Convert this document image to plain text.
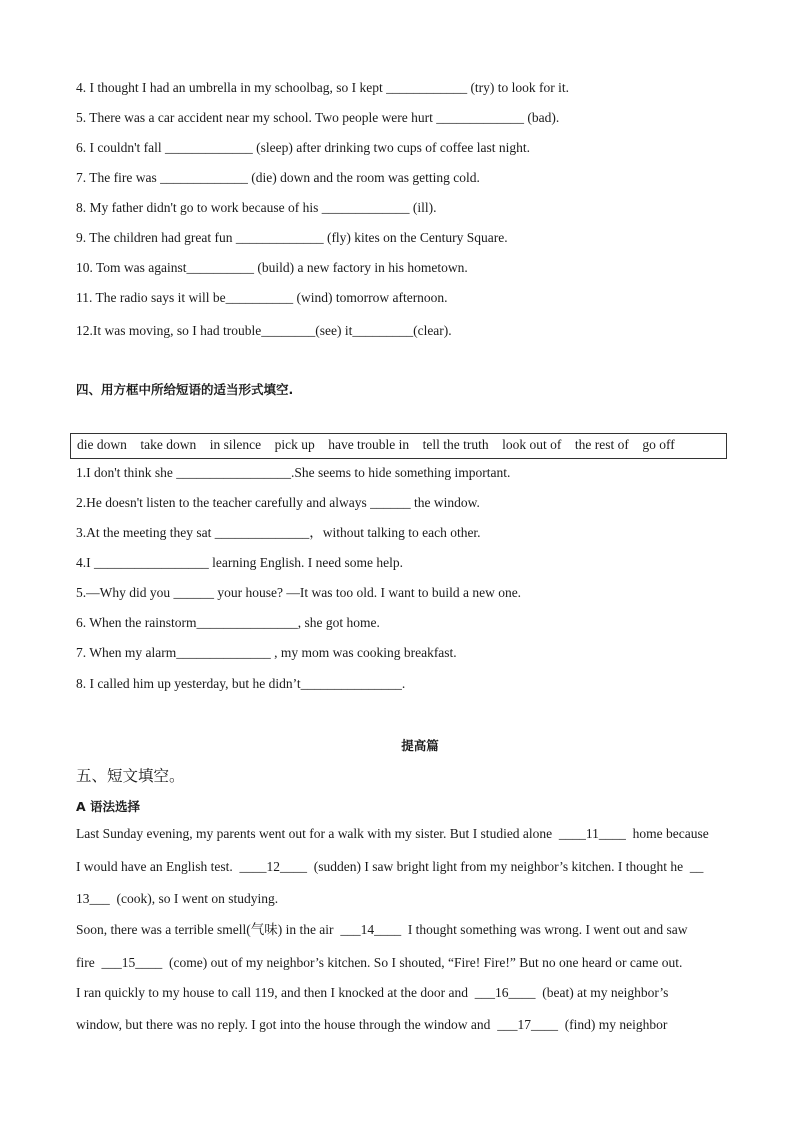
4. I thought I had an umbrella in my schoolbag, so I kept ____________ (try) to look for it.
5. There was a car accident near my school. Two people were hurt _____________ (bad).
6. I couldn't fall _____________ (sleep) after drinking two cups of coffee last night.
7. The fire was _____________ (die) down and the room was getting cold.
8. My father didn't go to work because of his _____________ (ill).
9. The children had great fun _____________ (fly) kites on the Century Square.
10. Tom was against__________ (build) a new factory in his hometown.
11. The radio says it will be__________ (wind) tomorrow afternoon.
12.It was moving, so I had trouble________(see) it_________(clear).
四、用方框中所给短语的适当形式填空.
die down    take down    in silence    pick up    have trouble in    tell the truth    look out of    the rest of    go off
1.I don't think she _________________.She seems to hide something important.
2.He doesn't listen to the teacher carefully and always ______ the window.
3.At the meeting they sat ______________，without talking to each other.
4.I _________________ learning English. I need some help.
5.—Why did you ______ your house? —It was too old. I want to build a new one.
6. When the rainstorm_______________, she got home.
7. When my alarm______________ , my mom was cooking breakfast.
8. I called him up yesterday, but he didn’t_______________.
提高篇
五、短文填空。
A 语法选择
Last Sunday evening, my parents went out for a walk with my sister. But I studied alone  ____11____  home because
I would have an English test.  ____12____  (sudden) I saw bright light from my neighbor’s kitchen. I thought he  __
13___  (cook), so I went on studying.
Soon, there was a terrible smell(气味) in the air  ___14____  I thought something was wrong. I went out and saw
fire  ___15____  (come) out of my neighbor’s kitchen. So I shouted, “Fire! Fire!” But no one heard or came out.
I ran quickly to my house to call 119, and then I knocked at the door and  ___16____  (beat) at my neighbor’s
window, but there was no reply. I got into the house through the window and  ___17____  (find) my neighbor
